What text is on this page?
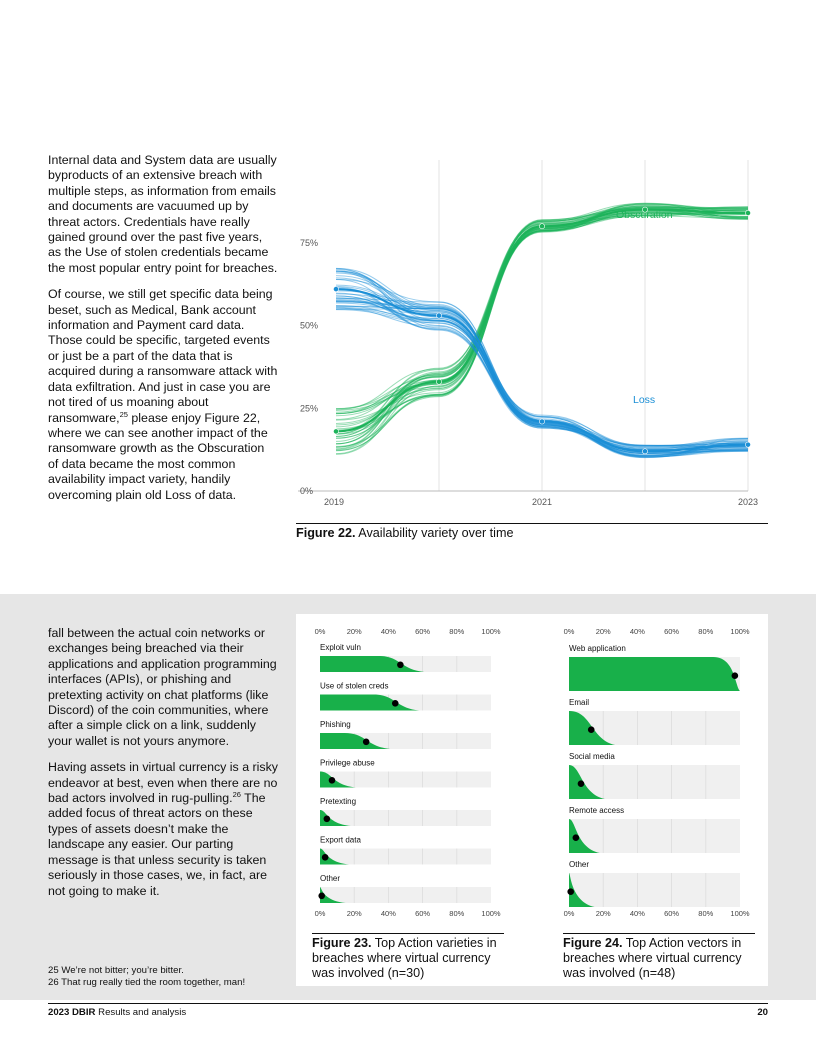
Internal data and System data are usually byproducts of an extensive breach with multiple steps, as information from emails and documents are vacuumed up by threat actors. Credentials have really gained ground over the past five years, as the Use of stolen credentials became the most popular entry point for breaches.

Of course, we still get specific data being beset, such as Medical, Bank account information and Payment card data. Those could be specific, targeted events or just be a part of the data that is acquired during a ransomware attack with data exfiltration. And just in case you are not tired of us moaning about ransomware,$^{25}$ please enjoy Figure 22, where we can see another impact of the ransomware growth as the Obscuration of data became the most common availability impact variety, handily overcoming plain old Loss of data.	0%
25%
50%
75%
2019	2021	2023
Obscuration
Loss
Figure 22. Availability variety over time

fall between the actual coin networks or exchanges being breached via their applications and application programming interfaces (APIs), or phishing and pretexting activity on chat platforms (like Discord) of the coin communities, where after a simple click on a link, suddenly your wallet is not yours anymore.

Having assets in virtual currency is a risky endeavor at best, even when there are no bad actors involved in rug-pulling.$^{26}$ The added focus of threat actors on these types of assets doesn’t make the landscape any easier. Our parting message is that unless security is taken seriously in those cases, we, in fact, are not going to make it.

25 We’re not bitter; you’re bitter.
26 That rug really tied the room together, man!
0%
0%
20%
20%
40%
40%
60%
60%
80%
80%
100%
100%
Exploit vuln
Use of stolen creds
Phishing
Privilege abuse
Pretexting
Export data
Other
0%
0%
20%
20%
40%
40%
60%
60%
80%
80%
100%
100%
Web application
Email
Social media
Remote access
Other
Figure 23. Top Action varieties in breaches where virtual currency was involved (n=30)
Figure 24. Top Action vectors in breaches where virtual currency was involved (n=48)
2023 DBIR Results and analysis	20
